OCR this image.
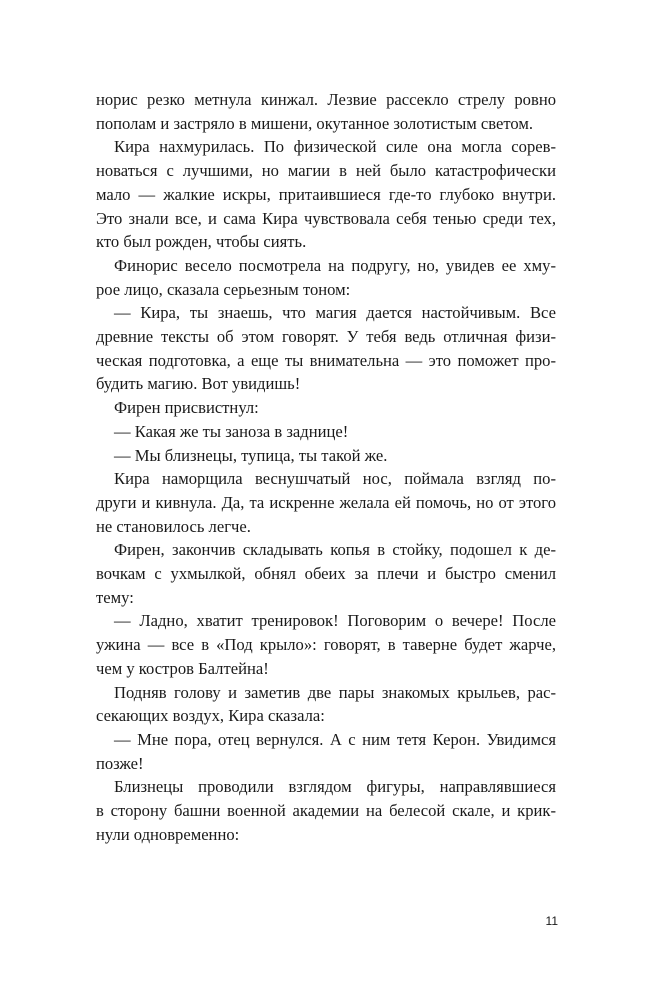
норис резко метнула кинжал. Лезвие рассекло стрелу ровно

пополам и застряло в мишени, окутанное золотистым светом.

Кира нахмурилась. По физической силе она могла сорев-

новаться с лучшими, но магии в ней было катастрофически

мало — жалкие искры, притаившиеся где-то глубоко внутри.

Это знали все, и сама Кира чувствовала себя тенью среди тех,

кто был рожден, чтобы сиять.

Финорис весело посмотрела на подругу, но, увидев ее хму-

рое лицо, сказала серьезным тоном:

— Кира, ты знаешь, что магия дается настойчивым. Все

древние тексты об этом говорят. У тебя ведь отличная физи-

ческая подготовка, а еще ты внимательна — это поможет про-

будить магию. Вот увидишь!

Фирен присвистнул:

— Какая же ты заноза в заднице!

— Мы близнецы, тупица, ты такой же.

Кира наморщила веснушчатый нос, поймала взгляд по-

други и кивнула. Да, та искренне желала ей помочь, но от этого

не становилось легче.

Фирен, закончив складывать копья в стойку, подошел к де-

вочкам с ухмылкой, обнял обеих за плечи и быстро сменил

тему:

— Ладно, хватит тренировок! Поговорим о вечере! После

ужина — все в «Под крыло»: говорят, в таверне будет жарче,

чем у костров Балтейна!

Подняв голову и заметив две пары знакомых крыльев, рас-

секающих воздух, Кира сказала:

— Мне пора, отец вернулся. А с ним тетя Керон. Увидимся

позже!

Близнецы проводили взглядом фигуры, направлявшиеся

в сторону башни военной академии на белесой скале, и крик-

нули одновременно:

11
